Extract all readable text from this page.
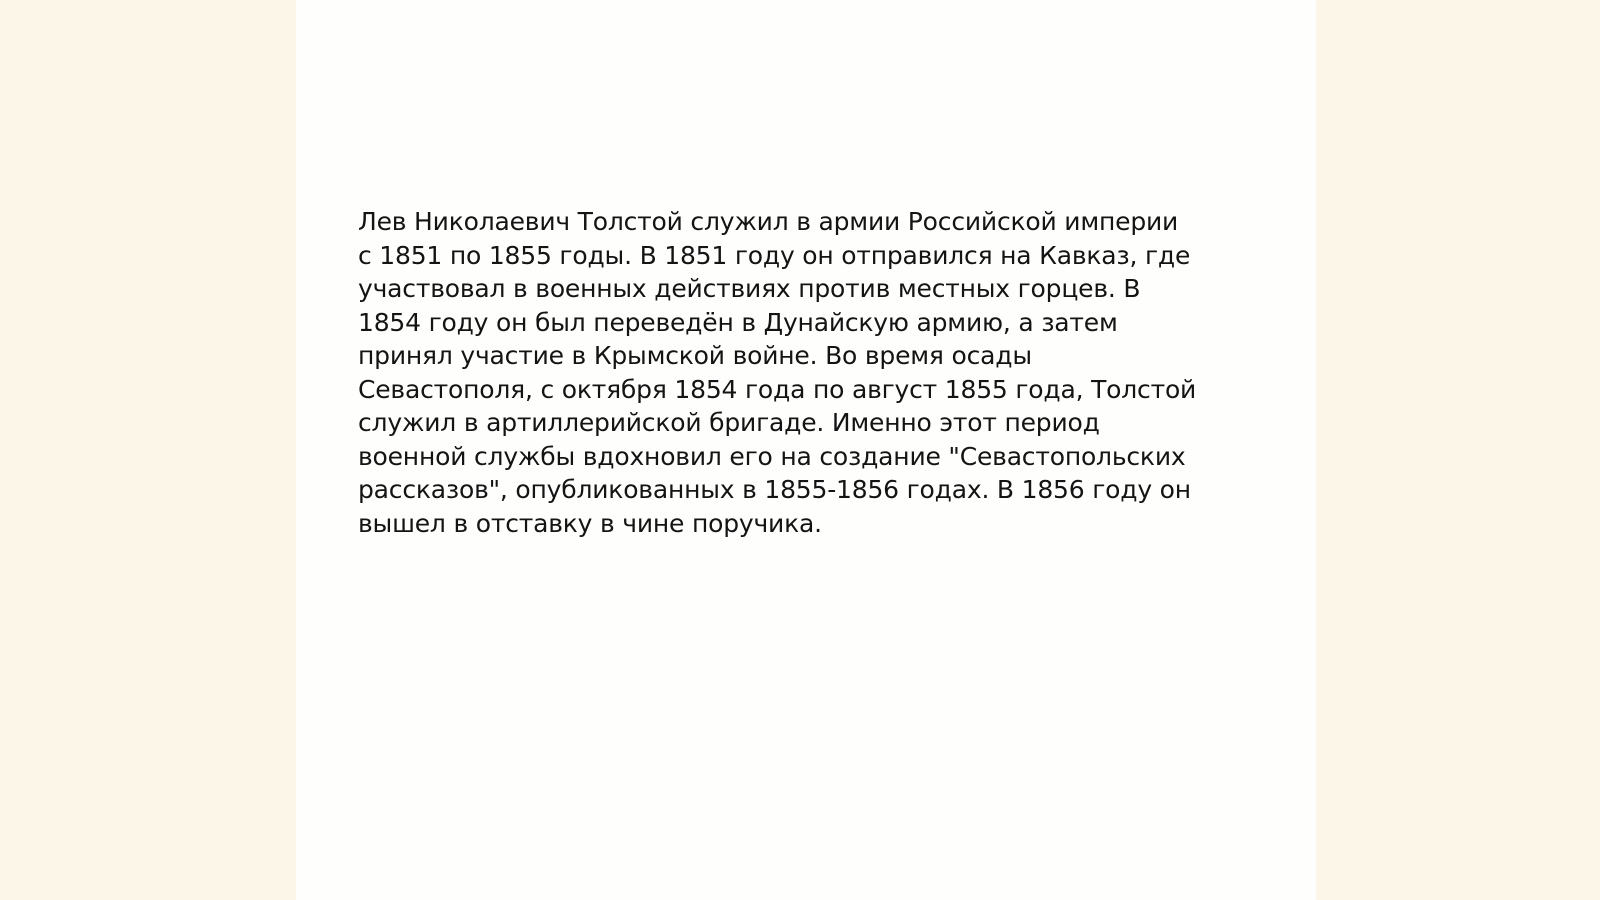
Лев Николаевич Толстой служил в армии Российской империи
с 1851 по 1855 годы. В 1851 году он отправился на Кавказ, где
участвовал в военных действиях против местных горцев. В
1854 году он был переведён в Дунайскую армию, а затем
принял участие в Крымской войне. Во время осады
Севастополя, с октября 1854 года по август 1855 года, Толстой
служил в артиллерийской бригаде. Именно этот период
военной службы вдохновил его на создание "Севастопольских
рассказов", опубликованных в 1855-1856 годах. В 1856 году он
вышел в отставку в чине поручика.
